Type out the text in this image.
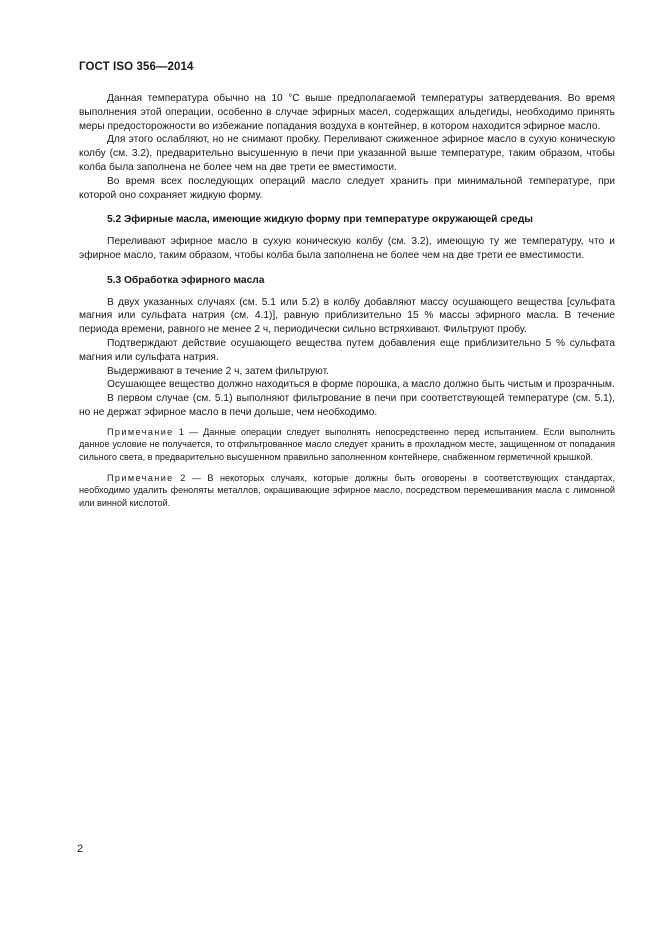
ГОСТ ISO 356—2014

Данная температура обычно на 10 °С выше предполагаемой температуры затвердевания. Во время выполнения этой операции, особенно в случае эфирных масел, содержащих альдегиды, необходимо принять меры предосторожности во избежание попадания воздуха в контейнер, в котором находится эфирное масло.

Для этого ослабляют, но не снимают пробку. Переливают сжиженное эфирное масло в сухую коническую колбу (см. 3.2), предварительно высушенную в печи при указанной выше температуре, таким образом, чтобы колба была заполнена не более чем на две трети ее вместимости.

Во время всех последующих операций масло следует хранить при минимальной температуре, при которой оно сохраняет жидкую форму.

5.2 Эфирные масла, имеющие жидкую форму при температуре окружающей среды

Переливают эфирное масло в сухую коническую колбу (см. 3.2), имеющую ту же температуру, что и эфирное масло, таким образом, чтобы колба была заполнена не более чем на две трети ее вместимости.

5.3 Обработка эфирного масла

В двух указанных случаях (см. 5.1 или 5.2) в колбу добавляют массу осушающего вещества [сульфата магния или сульфата натрия (см. 4.1)], равную приблизительно 15 % массы эфирного масла. В течение периода времени, равного не менее 2 ч, периодически сильно встряхивают. Фильтруют пробу.

Подтверждают действие осушающего вещества путем добавления еще приблизительно 5 % сульфата магния или сульфата натрия.

Выдерживают в течение 2 ч, затем фильтруют.

Осушающее вещество должно находиться в форме порошка, а масло должно быть чистым и прозрачным.

В первом случае (см. 5.1) выполняют фильтрование в печи при соответствующей температуре (см. 5.1), но не держат эфирное масло в печи дольше, чем необходимо.

Примечание 1 — Данные операции следует выполнять непосредственно перед испытанием. Если выполнить данное условие не получается, то отфильтрованное масло следует хранить в прохладном месте, защищенном от попадания сильного света, в предварительно высушенном правильно заполненном контейнере, снабженном герметичной крышкой.

Примечание 2 — В некоторых случаях, которые должны быть оговорены в соответствующих стандартах, необходимо удалить феноляты металлов, окрашивающие эфирное масло, посредством перемешивания масла с лимонной или винной кислотой.

2
